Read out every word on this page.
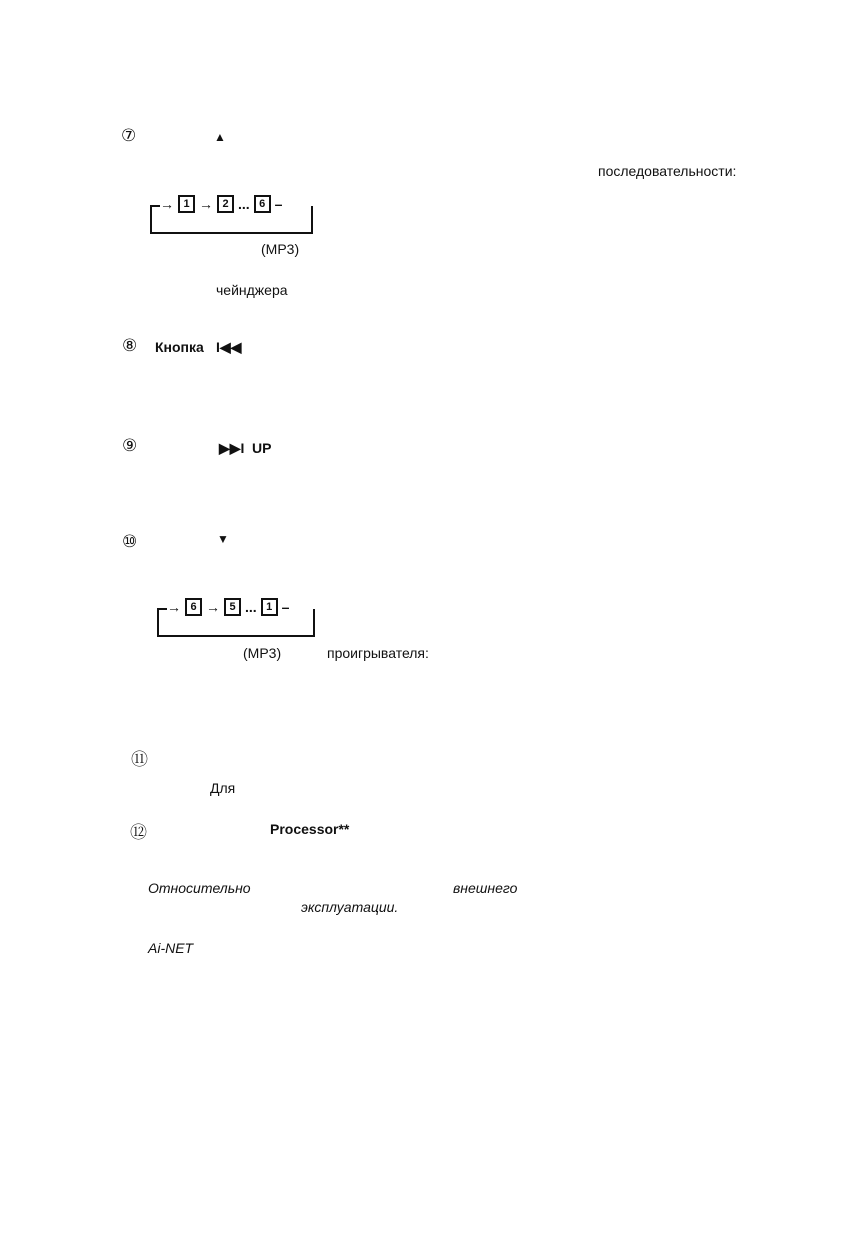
⑦	▲
последовательности:
→ 1 → 2 ... 6 –
(MP3)
чейнджера
⑧ Кнопка I◀◀
⑨	▶▶I UP
⑩	▼
→ 6 → 5 ... 1 –
(MP3)	проигрывателя:
⑪
Для
⑫	Processor**
Относительно	внешнего
эксплуатации.
Ai-NET
